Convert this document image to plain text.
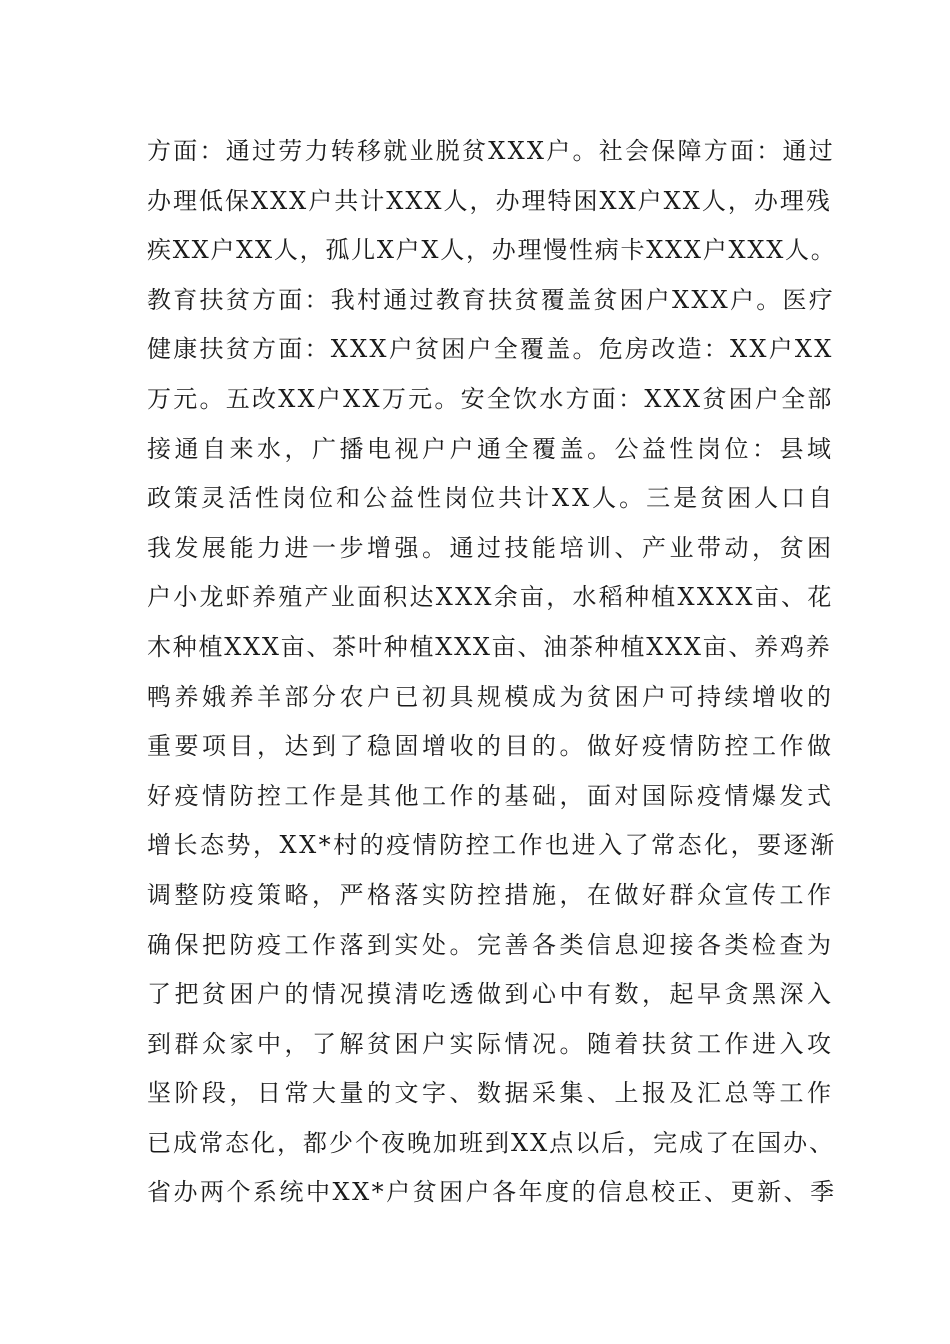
方面：通过劳力转移就业脱贫XXX户。社会保障方面：通过
办理低保XXX户共计XXX人，办理特困XX户XX人，办理残
疾XX户XX人，孤儿X户X人，办理慢性病卡XXX户XXX人。
教育扶贫方面：我村通过教育扶贫覆盖贫困户XXX户。医疗
健康扶贫方面：XXX户贫困户全覆盖。危房改造：XX户XX
万元。五改XX户XX万元。安全饮水方面：XXX贫困户全部
接通自来水，广播电视户户通全覆盖。公益性岗位：县域
政策灵活性岗位和公益性岗位共计XX人。三是贫困人口自
我发展能力进一步增强。通过技能培训、产业带动，贫困
户小龙虾养殖产业面积达XXX余亩，水稻种植XXXX亩、花
木种植XXX亩、茶叶种植XXX亩、油茶种植XXX亩、养鸡养
鸭养娥养羊部分农户已初具规模成为贫困户可持续增收的
重要项目，达到了稳固增收的目的。做好疫情防控工作做
好疫情防控工作是其他工作的基础，面对国际疫情爆发式
增长态势，XX*村的疫情防控工作也进入了常态化，要逐渐
调整防疫策略，严格落实防控措施，在做好群众宣传工作
确保把防疫工作落到实处。完善各类信息迎接各类检查为
了把贫困户的情况摸清吃透做到心中有数，起早贪黑深入
到群众家中，了解贫困户实际情况。随着扶贫工作进入攻
坚阶段，日常大量的文字、数据采集、上报及汇总等工作
已成常态化，都少个夜晚加班到XX点以后，完成了在国办、
省办两个系统中XX*户贫困户各年度的信息校正、更新、季
